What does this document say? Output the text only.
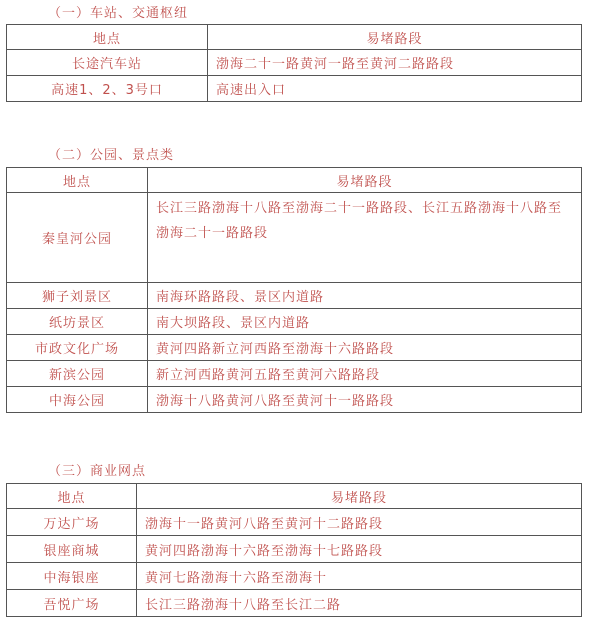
（一）车站、交通枢纽
地点	易堵路段
长途汽车站	渤海二十一路黄河一路至黄河二路路段
高速1、2、3号口	高速出入口
（二）公园、景点类
地点	易堵路段
秦皇河公园	长江三路渤海十八路至渤海二十一路路段、长江五路渤海十八路至渤海二十一路路段
狮子刘景区	南海环路路段、景区内道路
纸坊景区	南大坝路段、景区内道路
市政文化广场	黄河四路新立河西路至渤海十六路路段
新滨公园	新立河西路黄河五路至黄河六路路段
中海公园	渤海十八路黄河八路至黄河十一路路段
（三）商业网点
地点	易堵路段
万达广场	渤海十一路黄河八路至黄河十二路路段
银座商城	黄河四路渤海十六路至渤海十七路路段
中海银座	黄河七路渤海十六路至渤海十
吾悦广场	长江三路渤海十八路至长江二路
